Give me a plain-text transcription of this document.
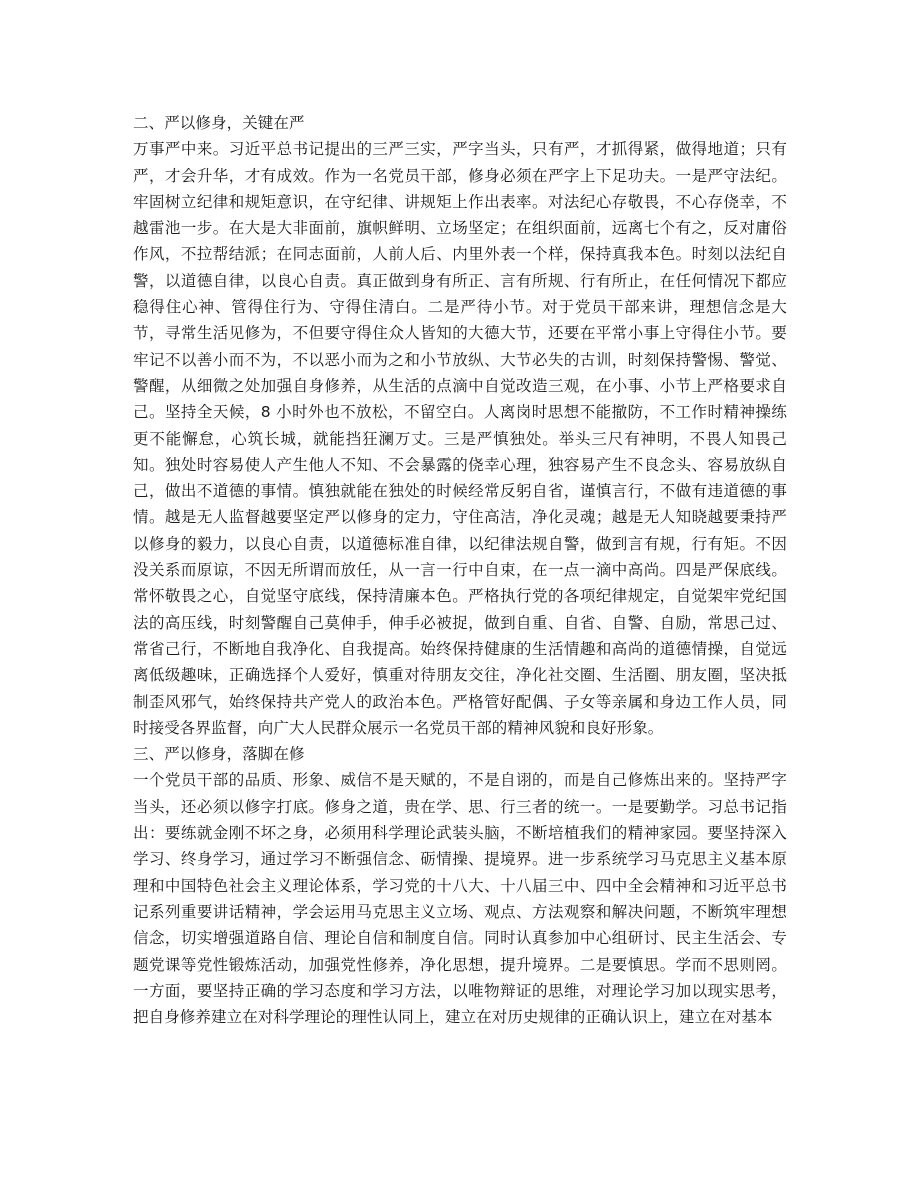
二、严以修身，关键在严
万事严中来。习近平总书记提出的三严三实，严字当头，只有严，才抓得紧，做得地道；只有严，才会升华，才有成效。作为一名党员干部，修身必须在严字上下足功夫。一是严守法纪。牢固树立纪律和规矩意识，在守纪律、讲规矩上作出表率。对法纪心存敬畏，不心存侥幸，不越雷池一步。在大是大非面前，旗帜鲜明、立场坚定；在组织面前，远离七个有之，反对庸俗作风，不拉帮结派；在同志面前，人前人后、内里外表一个样，保持真我本色。时刻以法纪自警，以道德自律，以良心自责。真正做到身有所正、言有所规、行有所止，在任何情况下都应稳得住心神、管得住行为、守得住清白。二是严待小节。对于党员干部来讲，理想信念是大节，寻常生活见修为，不但要守得住众人皆知的大德大节，还要在平常小事上守得住小节。要牢记不以善小而不为，不以恶小而为之和小节放纵、大节必失的古训，时刻保持警惕、警觉、警醒，从细微之处加强自身修养，从生活的点滴中自觉改造三观，在小事、小节上严格要求自己。坚持全天候，8 小时外也不放松，不留空白。人离岗时思想不能撤防，不工作时精神操练更不能懈怠，心筑长城，就能挡狂澜万丈。三是严慎独处。举头三尺有神明，不畏人知畏己知。独处时容易使人产生他人不知、不会暴露的侥幸心理，独容易产生不良念头、容易放纵自己，做出不道德的事情。慎独就能在独处的时候经常反躬自省，谨慎言行，不做有违道德的事情。越是无人监督越要坚定严以修身的定力，守住高洁，净化灵魂；越是无人知晓越要秉持严以修身的毅力，以良心自责，以道德标准自律，以纪律法规自警，做到言有规，行有矩。不因没关系而原谅，不因无所谓而放任，从一言一行中自束，在一点一滴中高尚。四是严保底线。常怀敬畏之心，自觉坚守底线，保持清廉本色。严格执行党的各项纪律规定，自觉架牢党纪国法的高压线，时刻警醒自己莫伸手，伸手必被捉，做到自重、自省、自警、自励，常思己过、常省己行，不断地自我净化、自我提高。始终保持健康的生活情趣和高尚的道德情操，自觉远离低级趣味，正确选择个人爱好，慎重对待朋友交往，净化社交圈、生活圈、朋友圈，坚决抵制歪风邪气，始终保持共产党人的政治本色。严格管好配偶、子女等亲属和身边工作人员，同时接受各界监督，向广大人民群众展示一名党员干部的精神风貌和良好形象。
三、严以修身，落脚在修
一个党员干部的品质、形象、威信不是天赋的，不是自诩的，而是自己修炼出来的。坚持严字当头，还必须以修字打底。修身之道，贵在学、思、行三者的统一。一是要勤学。习总书记指出：要练就金刚不坏之身，必须用科学理论武装头脑，不断培植我们的精神家园。要坚持深入学习、终身学习，通过学习不断强信念、砺情操、提境界。进一步系统学习马克思主义基本原理和中国特色社会主义理论体系，学习党的十八大、十八届三中、四中全会精神和习近平总书记系列重要讲话精神，学会运用马克思主义立场、观点、方法观察和解决问题，不断筑牢理想信念，切实增强道路自信、理论自信和制度自信。同时认真参加中心组研讨、民主生活会、专题党课等党性锻炼活动，加强党性修养，净化思想，提升境界。二是要慎思。学而不思则罔。一方面，要坚持正确的学习态度和学习方法，以唯物辩证的思维，对理论学习加以现实思考，把自身修养建立在对科学理论的理性认同上，建立在对历史规律的正确认识上，建立在对基本
